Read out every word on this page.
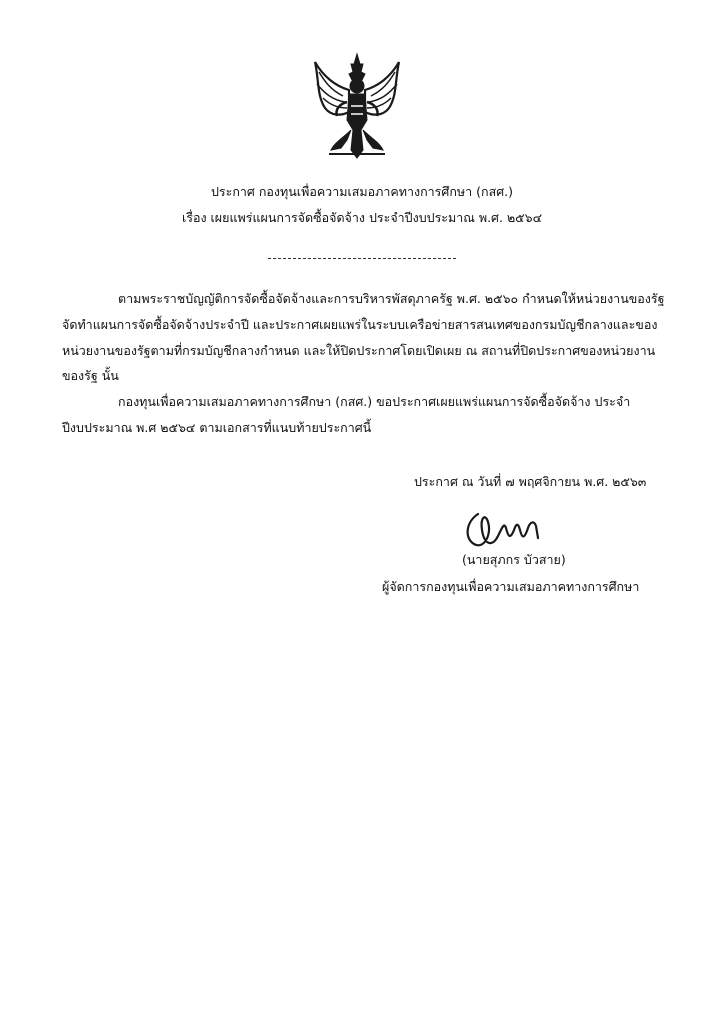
ประกาศ กองทุนเพื่อความเสมอภาคทางการศึกษา (กสศ.)
เรื่อง เผยแพร่แผนการจัดซื้อจัดจ้าง ประจำปีงบประมาณ พ.ศ. ๒๕๖๔
ตามพระราชบัญญัติการจัดซื้อจัดจ้างและการบริหารพัสดุภาครัฐ พ.ศ. ๒๕๖๐ กำหนดให้หน่วยงานของรัฐ
จัดทำแผนการจัดซื้อจัดจ้างประจำปี และประกาศเผยแพร่ในระบบเครือข่ายสารสนเทศของกรมบัญชีกลางและของ
หน่วยงานของรัฐตามที่กรมบัญชีกลางกำหนด และให้ปิดประกาศโดยเปิดเผย ณ สถานที่ปิดประกาศของหน่วยงาน
ของรัฐ นั้น
กองทุนเพื่อความเสมอภาคทางการศึกษา (กสศ.) ขอประกาศเผยแพร่แผนการจัดซื้อจัดจ้าง ประจำ
ปีงบประมาณ พ.ศ ๒๕๖๔ ตามเอกสารที่แนบท้ายประกาศนี้
ประกาศ ณ วันที่ ๗ พฤศจิกายน พ.ศ. ๒๕๖๓
(นายสุภกร บัวสาย)
ผู้จัดการกองทุนเพื่อความเสมอภาคทางการศึกษา
